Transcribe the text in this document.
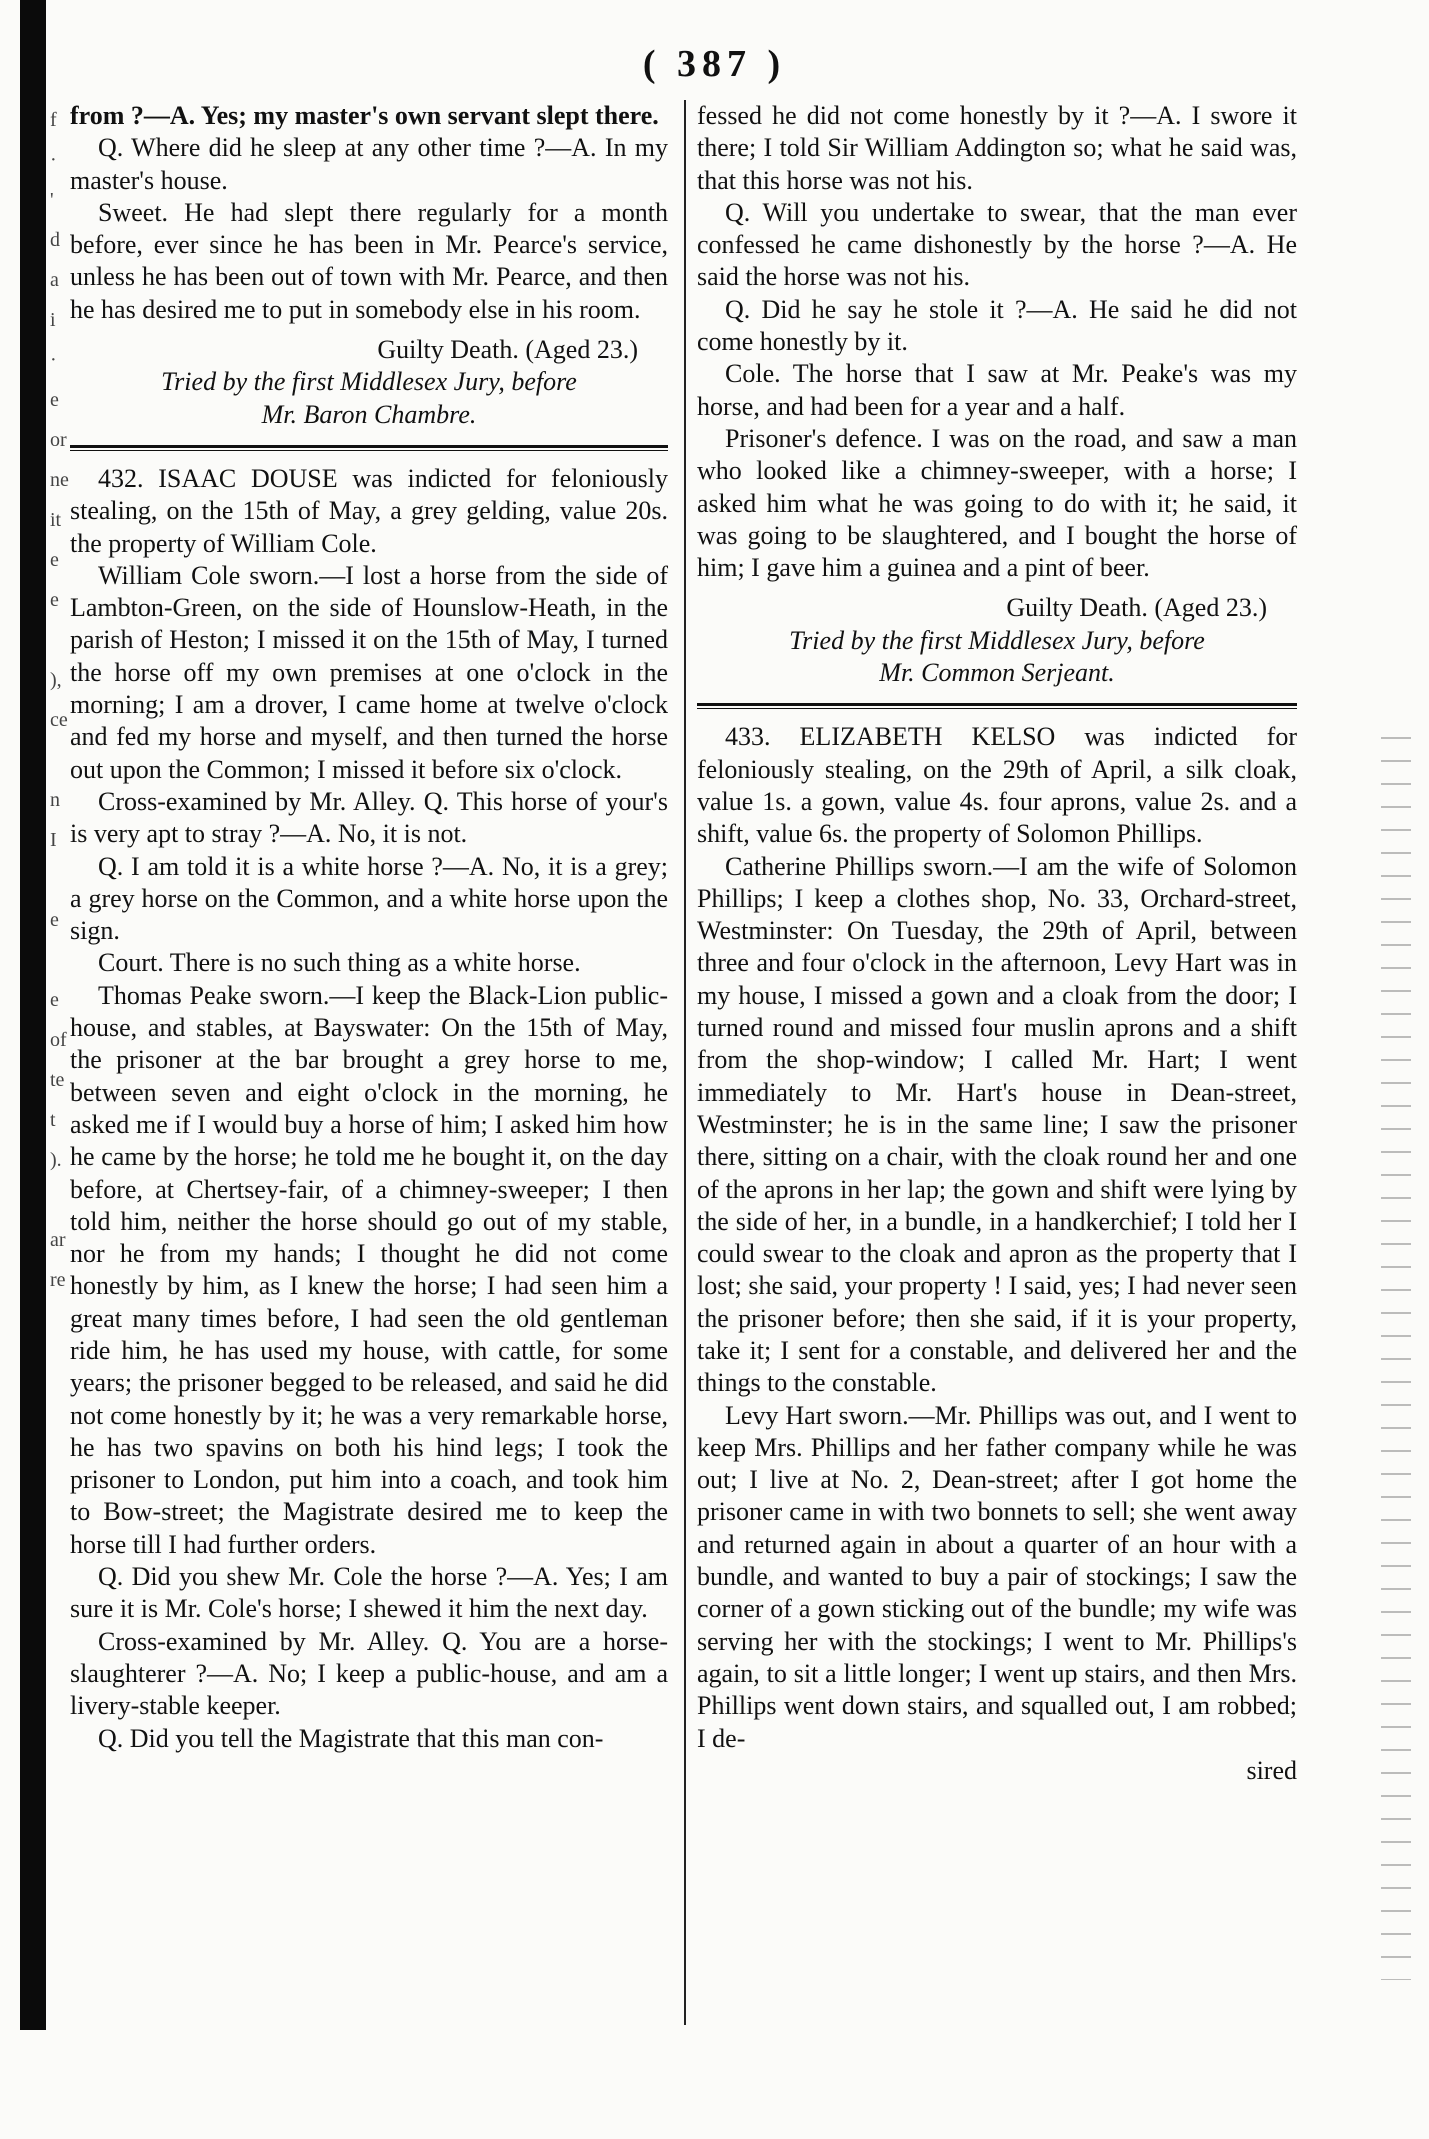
f
·
'
d
a
i
·
e
or
ne
it
e
e

),
ce

n
I

e

e
of
te
t
).

ar
re
( 387 )

from ?—A. Yes; my master's own servant slept there.

Q. Where did he sleep at any other time ?—A. In my master's house.

Sweet. He had slept there regularly for a month before, ever since he has been in Mr. Pearce's service, unless he has been out of town with Mr. Pearce, and then he has desired me to put in somebody else in his room.

Guilty Death. (Aged 23.)

Tried by the first Middlesex Jury, before

Mr. Baron Chambre.

432. ISAAC DOUSE was indicted for feloniously stealing, on the 15th of May, a grey gelding, value 20s. the property of William Cole.

William Cole sworn.—I lost a horse from the side of Lambton-Green, on the side of Hounslow-Heath, in the parish of Heston; I missed it on the 15th of May, I turned the horse off my own premises at one o'clock in the morning; I am a drover, I came home at twelve o'clock and fed my horse and myself, and then turned the horse out upon the Common; I missed it before six o'clock.

Cross-examined by Mr. Alley. Q. This horse of your's is very apt to stray ?—A. No, it is not.

Q. I am told it is a white horse ?—A. No, it is a grey; a grey horse on the Common, and a white horse upon the sign.

Court. There is no such thing as a white horse.

Thomas Peake sworn.—I keep the Black-Lion public-house, and stables, at Bayswater: On the 15th of May, the prisoner at the bar brought a grey horse to me, between seven and eight o'clock in the morning, he asked me if I would buy a horse of him; I asked him how he came by the horse; he told me he bought it, on the day before, at Chertsey-fair, of a chimney-sweeper; I then told him, neither the horse should go out of my stable, nor he from my hands; I thought he did not come honestly by him, as I knew the horse; I had seen him a great many times before, I had seen the old gentleman ride him, he has used my house, with cattle, for some years; the prisoner begged to be released, and said he did not come honestly by it; he was a very remarkable horse, he has two spavins on both his hind legs; I took the prisoner to London, put him into a coach, and took him to Bow-street; the Magistrate desired me to keep the horse till I had further orders.

Q. Did you shew Mr. Cole the horse ?—A. Yes; I am sure it is Mr. Cole's horse; I shewed it him the next day.

Cross-examined by Mr. Alley. Q. You are a horse-slaughterer ?—A. No; I keep a public-house, and am a livery-stable keeper.

Q. Did you tell the Magistrate that this man con-

fessed he did not come honestly by it ?—A. I swore it there; I told Sir William Addington so; what he said was, that this horse was not his.

Q. Will you undertake to swear, that the man ever confessed he came dishonestly by the horse ?—A. He said the horse was not his.

Q. Did he say he stole it ?—A. He said he did not come honestly by it.

Cole. The horse that I saw at Mr. Peake's was my horse, and had been for a year and a half.

Prisoner's defence. I was on the road, and saw a man who looked like a chimney-sweeper, with a horse; I asked him what he was going to do with it; he said, it was going to be slaughtered, and I bought the horse of him; I gave him a guinea and a pint of beer.

Guilty Death. (Aged 23.)

Tried by the first Middlesex Jury, before

Mr. Common Serjeant.

433. ELIZABETH KELSO was indicted for feloniously stealing, on the 29th of April, a silk cloak, value 1s. a gown, value 4s. four aprons, value 2s. and a shift, value 6s. the property of Solomon Phillips.

Catherine Phillips sworn.—I am the wife of Solomon Phillips; I keep a clothes shop, No. 33, Orchard-street, Westminster: On Tuesday, the 29th of April, between three and four o'clock in the afternoon, Levy Hart was in my house, I missed a gown and a cloak from the door; I turned round and missed four muslin aprons and a shift from the shop-window; I called Mr. Hart; I went immediately to Mr. Hart's house in Dean-street, Westminster; he is in the same line; I saw the prisoner there, sitting on a chair, with the cloak round her and one of the aprons in her lap; the gown and shift were lying by the side of her, in a bundle, in a handkerchief; I told her I could swear to the cloak and apron as the property that I lost; she said, your property ! I said, yes; I had never seen the prisoner before; then she said, if it is your property, take it; I sent for a constable, and delivered her and the things to the constable.

Levy Hart sworn.—Mr. Phillips was out, and I went to keep Mrs. Phillips and her father company while he was out; I live at No. 2, Dean-street; after I got home the prisoner came in with two bonnets to sell; she went away and returned again in about a quarter of an hour with a bundle, and wanted to buy a pair of stockings; I saw the corner of a gown sticking out of the bundle; my wife was serving her with the stockings; I went to Mr. Phillips's again, to sit a little longer; I went up stairs, and then Mrs. Phillips went down stairs, and squalled out, I am robbed; I de-

sired
